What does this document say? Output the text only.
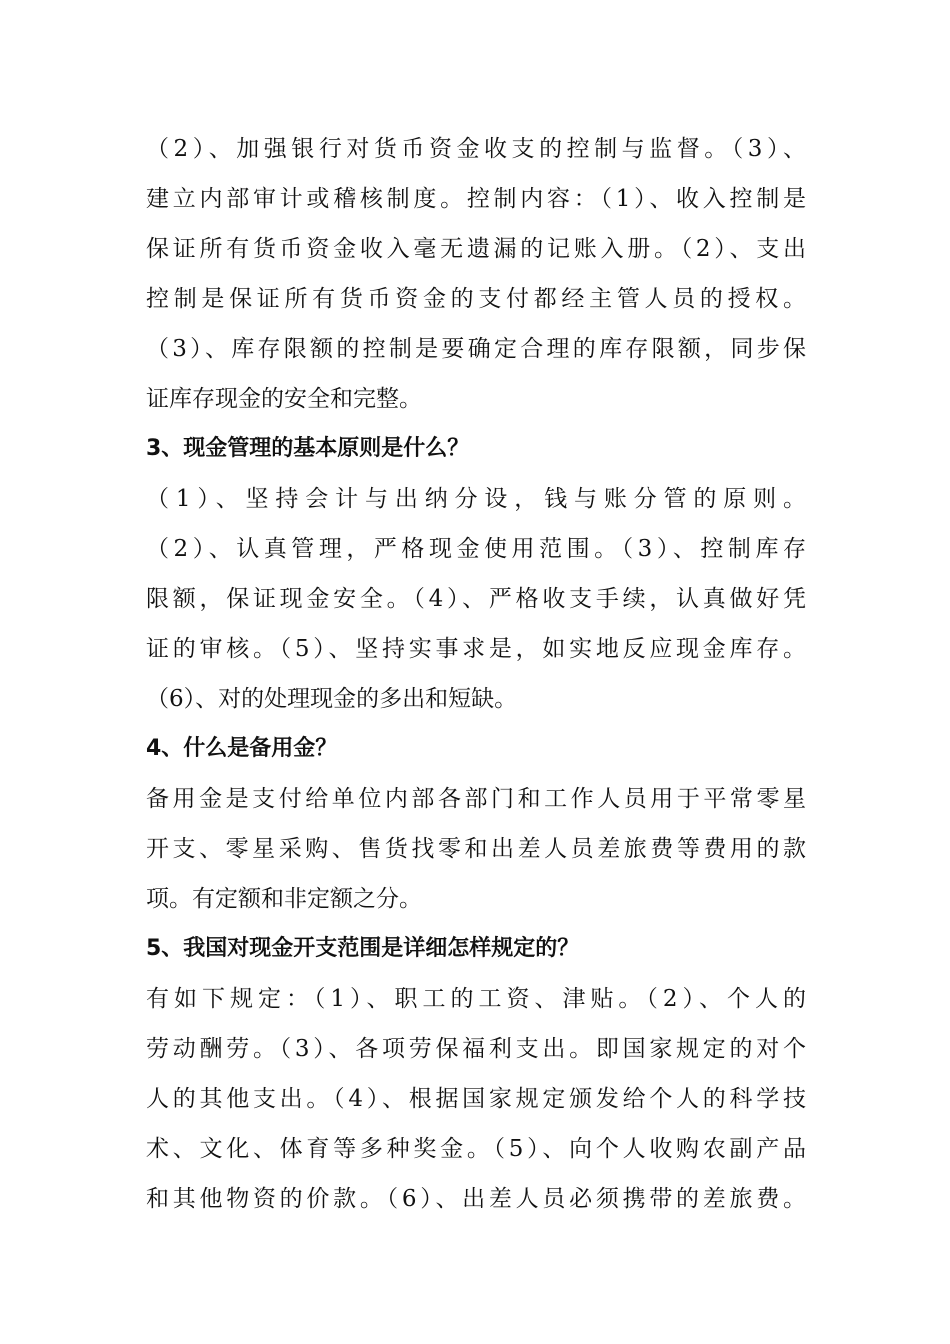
（2）、加强银行对货币资金收支的控制与监督。（3）、
建立内部审计或稽核制度。控制内容：（1）、收入控制是
保证所有货币资金收入毫无遗漏的记账入册。（2）、支出
控制是保证所有货币资金的支付都经主管人员的授权。
（3）、库存限额的控制是要确定合理的库存限额，同步保
证库存现金的安全和完整。
3、现金管理的基本原则是什么？
（1）、坚持会计与出纳分设，钱与账分管的原则。
（2）、认真管理，严格现金使用范围。（3）、控制库存
限额，保证现金安全。（4）、严格收支手续，认真做好凭
证的审核。（5）、坚持实事求是，如实地反应现金库存。
（6）、对的处理现金的多出和短缺。
4、什么是备用金？
备用金是支付给单位内部各部门和工作人员用于平常零星
开支、零星采购、售货找零和出差人员差旅费等费用的款
项。有定额和非定额之分。
5、我国对现金开支范围是详细怎样规定的？
有如下规定：（1）、职工的工资、津贴。（2）、个人的
劳动酬劳。（3）、各项劳保福利支出。即国家规定的对个
人的其他支出。（4）、根据国家规定颁发给个人的科学技
术、文化、体育等多种奖金。（5）、向个人收购农副产品
和其他物资的价款。（6）、出差人员必须携带的差旅费。
